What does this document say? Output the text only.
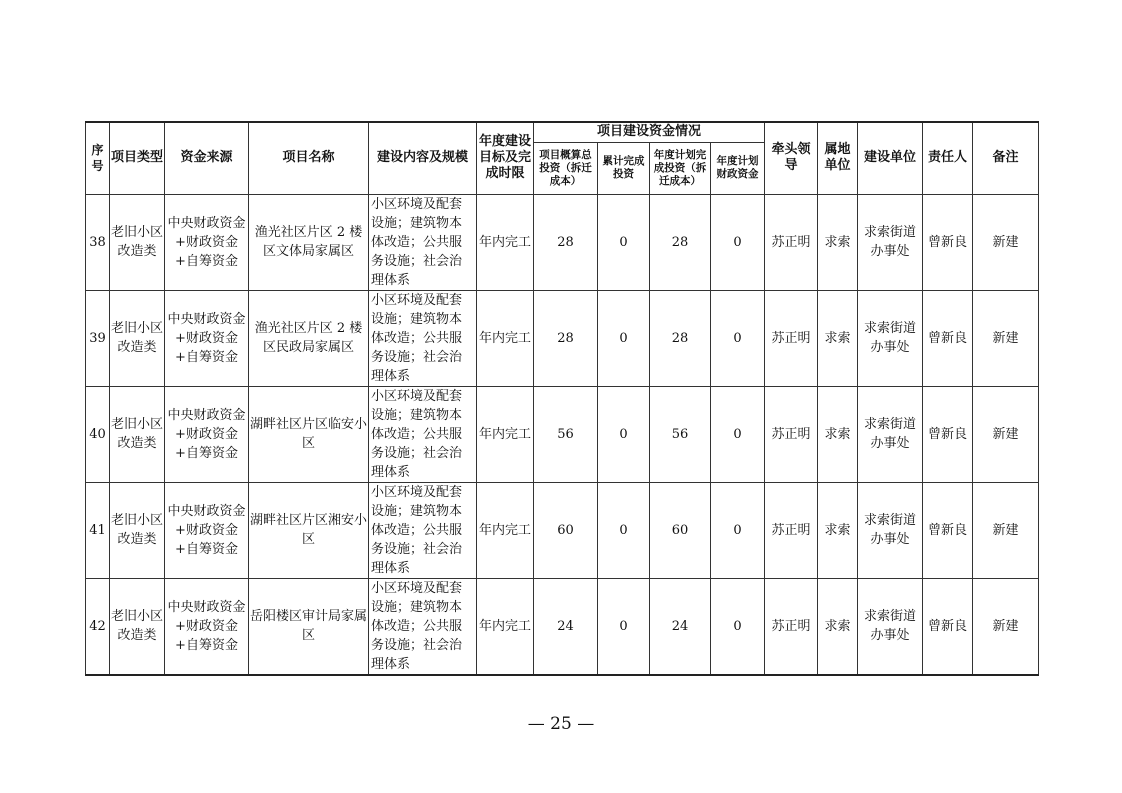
序号	项目类型	资金来源	项目名称	建设内容及规模	年度建设目标及完成时限	项目建设资金情况				牵头领导	属地单位	建设单位	责任人	备注
						项目概算总投资（拆迁成本）	累计完成投资	年度计划完成投资（拆迁成本）	年度计划财政资金					
38	老旧小区改造类	中央财政资金+财政资金+自筹资金	渔光社区片区 2 楼区文体局家属区	小区环境及配套设施；建筑物本体改造；公共服务设施；社会治理体系	年内完工	28	0	28	0	苏正明	求索	求索街道办事处	曾新良	新建
39	老旧小区改造类	中央财政资金+财政资金+自筹资金	渔光社区片区 2 楼区民政局家属区	小区环境及配套设施；建筑物本体改造；公共服务设施；社会治理体系	年内完工	28	0	28	0	苏正明	求索	求索街道办事处	曾新良	新建
40	老旧小区改造类	中央财政资金+财政资金+自筹资金	湖畔社区片区临安小区	小区环境及配套设施；建筑物本体改造；公共服务设施；社会治理体系	年内完工	56	0	56	0	苏正明	求索	求索街道办事处	曾新良	新建
41	老旧小区改造类	中央财政资金+财政资金+自筹资金	湖畔社区片区湘安小区	小区环境及配套设施；建筑物本体改造；公共服务设施；社会治理体系	年内完工	60	0	60	0	苏正明	求索	求索街道办事处	曾新良	新建
42	老旧小区改造类	中央财政资金+财政资金+自筹资金	岳阳楼区审计局家属区	小区环境及配套设施；建筑物本体改造；公共服务设施；社会治理体系	年内完工	24	0	24	0	苏正明	求索	求索街道办事处	曾新良	新建
— 25 —
